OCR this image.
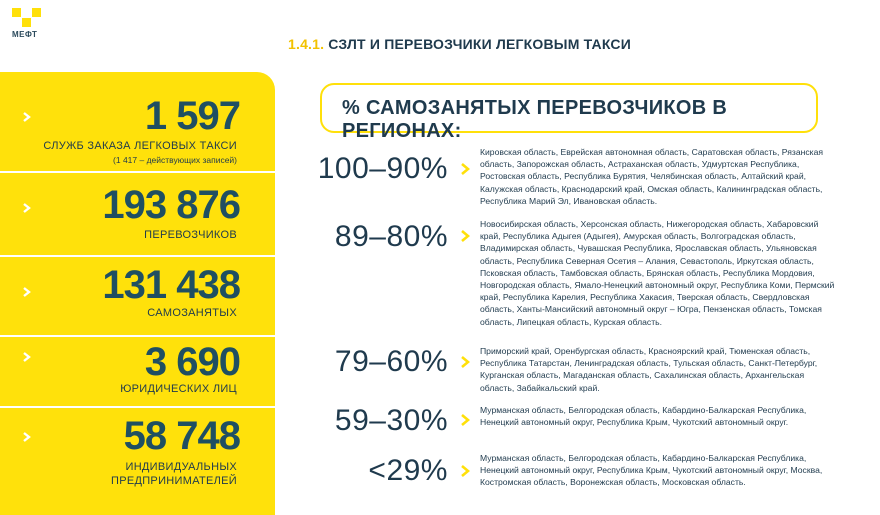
МЕФТ
1.4.1. СЗЛТ И ПЕРЕВОЗЧИКИ ЛЕГКОВЫМ ТАКСИ
1 597
СЛУЖБ ЗАКАЗА ЛЕГКОВЫХ ТАКСИ
(1 417 – действующих записей)
193 876
ПЕРЕВОЗЧИКОВ
131 438
САМОЗАНЯТЫХ
3 690
ЮРИДИЧЕСКИХ ЛИЦ
58 748
ИНДИВИДУАЛЬНЫХ
ПРЕДПРИНИМАТЕЛЕЙ
% САМОЗАНЯТЫХ ПЕРЕВОЗЧИКОВ В РЕГИОНАХ:
100–90%	Кировская область, Еврейская автономная область, Саратовская область, Рязанская область, Запорожская область, Астраханская область, Удмуртская Республика, Ростовская область, Республика Бурятия, Челябинская область, Алтайский край, Калужская область, Краснодарский край, Омская область, Калининградская область, Республика Марий Эл, Ивановская область.
89–80%	Новосибирская область, Херсонская область, Нижегородская область, Хабаровский край, Республика Адыгея (Адыгея), Амурская область, Волгоградская область, Владимирская область, Чувашская Республика, Ярославская область, Ульяновская область, Республика Северная Осетия – Алания, Севастополь, Иркутская область, Псковская область, Тамбовская область, Брянская область, Республика Мордовия, Новгородская область, Ямало-Ненецкий автономный округ, Республика Коми, Пермский край, Республика Карелия, Республика Хакасия, Тверская область, Свердловская область, Ханты-Мансийский автономный округ – Югра, Пензенская область, Томская область, Липецкая область, Курская область.
79–60%	Приморский край, Оренбургская область, Красноярский край, Тюменская область, Республика Татарстан, Ленинградская область, Тульская область, Санкт-Петербург, Курганская область, Магаданская область, Сахалинская область, Архангельская область, Забайкальский край.
59–30%	Мурманская область, Белгородская область, Кабардино-Балкарская Республика, Ненецкий автономный округ, Республика Крым, Чукотский автономный округ.
<29%	Мурманская область, Белгородская область, Кабардино-Балкарская Республика, Ненецкий автономный округ, Республика Крым, Чукотский автономный округ, Москва, Костромская область, Воронежская область, Московская область.
